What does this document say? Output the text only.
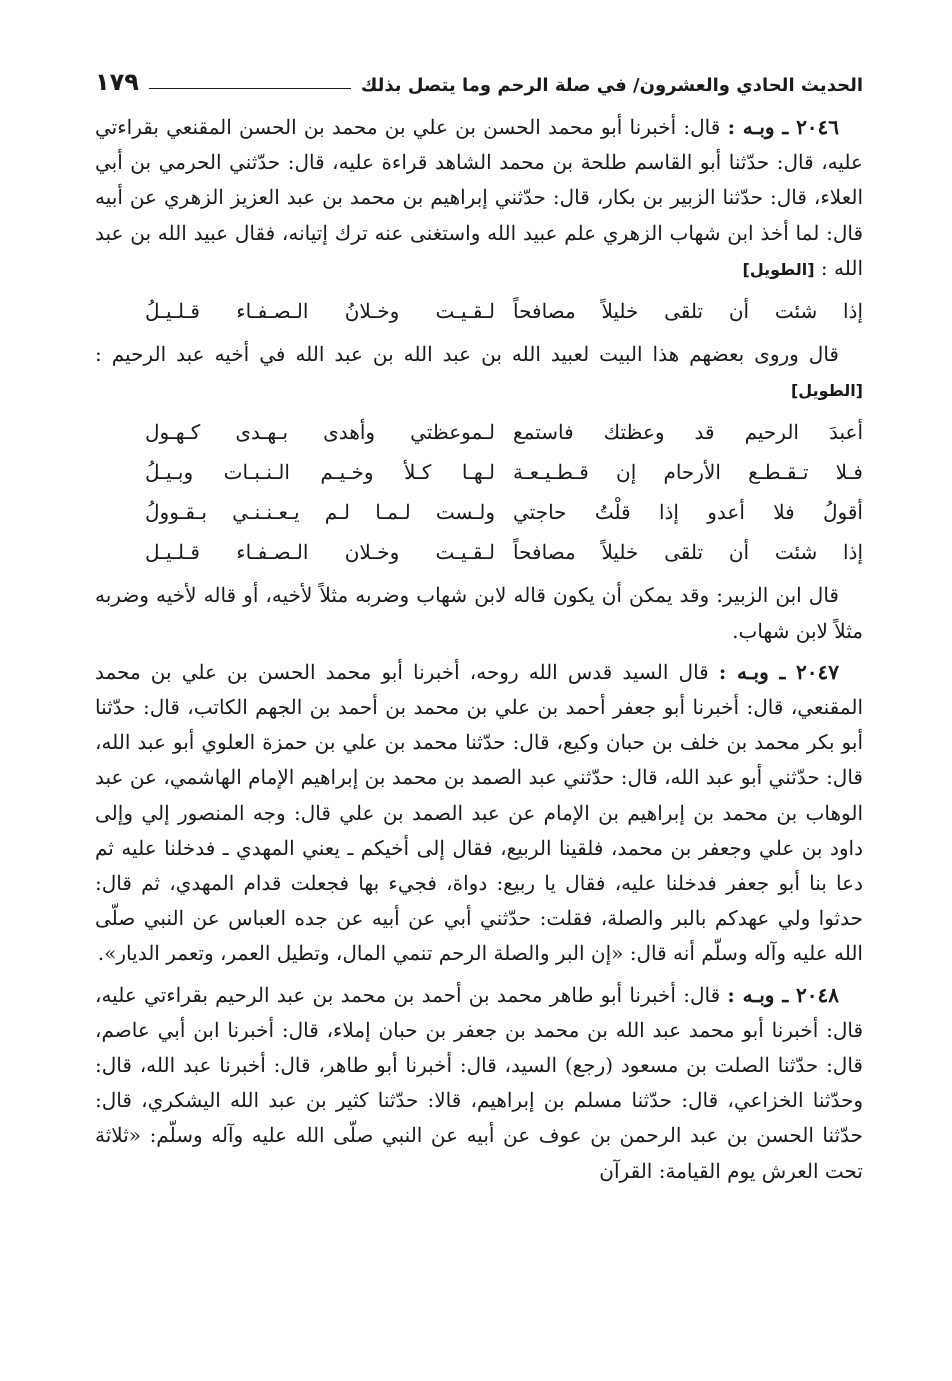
الحديث الحادي والعشرون/ في صلة الرحم وما يتصل بذلك
١٧٩

٢٠٤٦ ـ وبـه : قال: أخبرنا أبو محمد الحسن بن علي بن محمد بن الحسن المقنعي بقراءتي عليه، قال: حدّثنا أبو القاسم طلحة بن محمد الشاهد قراءة عليه، قال: حدّثني الحرمي بن أبي العلاء، قال: حدّثنا الزبير بن بكار، قال: حدّثني إبراهيم بن محمد بن عبد العزيز الزهري عن أبيه قال: لما أخذ ابن شهاب الزهري علم عبيد الله واستغنى عنه ترك إتيانه، فقال عبيد الله بن عبد الله : [الطويل]

إذا شئت أن تلقى خليلاً مصافحاً
لـقـيـت وخـلانُ الـصـفـاء قـلـيـلُ

قال وروى بعضهم هذا البيت لعبيد الله بن عبد الله بن عبد الله في أخيه عبد الرحيم : [الطويل]

أعبدَ الرحيم قد وعظتك فاستمع
لـموعظتي وأهدى بـهـدى كـهـول
فـلا تـقـطـع الأرحام إن قـطـيـعـة
لـهـا كـلأ وخـيـم الـنـبـات وبـيـلُ
أقولُ فلا أعدو إذا قلْتُ حاجتي
ولـست لـمـا لـم يـعـنـنـي بـقـوولُ
إذا شئت أن تلقى خليلاً مصافحاً
لـقـيـت وخـلان الـصـفـاء قـلـيـل

قال ابن الزبير: وقد يمكن أن يكون قاله لابن شهاب وضربه مثلاً لأخيه، أو قاله لأخيه وضربه مثلاً لابن شهاب.

٢٠٤٧ ـ وبـه : قال السيد قدس الله روحه، أخبرنا أبو محمد الحسن بن علي بن محمد المقنعي، قال: أخبرنا أبو جعفر أحمد بن علي بن محمد بن أحمد بن الجهم الكاتب، قال: حدّثنا أبو بكر محمد بن خلف بن حبان وكيع، قال: حدّثنا محمد بن علي بن حمزة العلوي أبو عبد الله، قال: حدّثني أبو عبد الله، قال: حدّثني عبد الصمد بن محمد بن إبراهيم الإمام الهاشمي، عن عبد الوهاب بن محمد بن إبراهيم بن الإمام عن عبد الصمد بن علي قال: وجه المنصور إلي وإلى داود بن علي وجعفر بن محمد، فلقينا الربيع، فقال إلى أخيكم ـ يعني المهدي ـ فدخلنا عليه ثم دعا بنا أبو جعفر فدخلنا عليه، فقال يا ربيع: دواة، فجيء بها فجعلت قدام المهدي، ثم قال: حدثوا ولي عهدكم بالبر والصلة، فقلت: حدّثني أبي عن أبيه عن جده العباس عن النبي صلّى الله عليه وآله وسلّم أنه قال: «إن البر والصلة الرحم تنمي المال، وتطيل العمر، وتعمر الديار».

٢٠٤٨ ـ وبـه : قال: أخبرنا أبو طاهر محمد بن أحمد بن محمد بن عبد الرحيم بقراءتي عليه، قال: أخبرنا أبو محمد عبد الله بن محمد بن جعفر بن حبان إملاء، قال: أخبرنا ابن أبي عاصم، قال: حدّثنا الصلت بن مسعود (رجع) السيد، قال: أخبرنا أبو طاهر، قال: أخبرنا عبد الله، قال: وحدّثنا الخزاعي، قال: حدّثنا مسلم بن إبراهيم، قالا: حدّثنا كثير بن عبد الله اليشكري، قال: حدّثنا الحسن بن عبد الرحمن بن عوف عن أبيه عن النبي صلّى الله عليه وآله وسلّم: «ثلاثة تحت العرش يوم القيامة: القرآن
